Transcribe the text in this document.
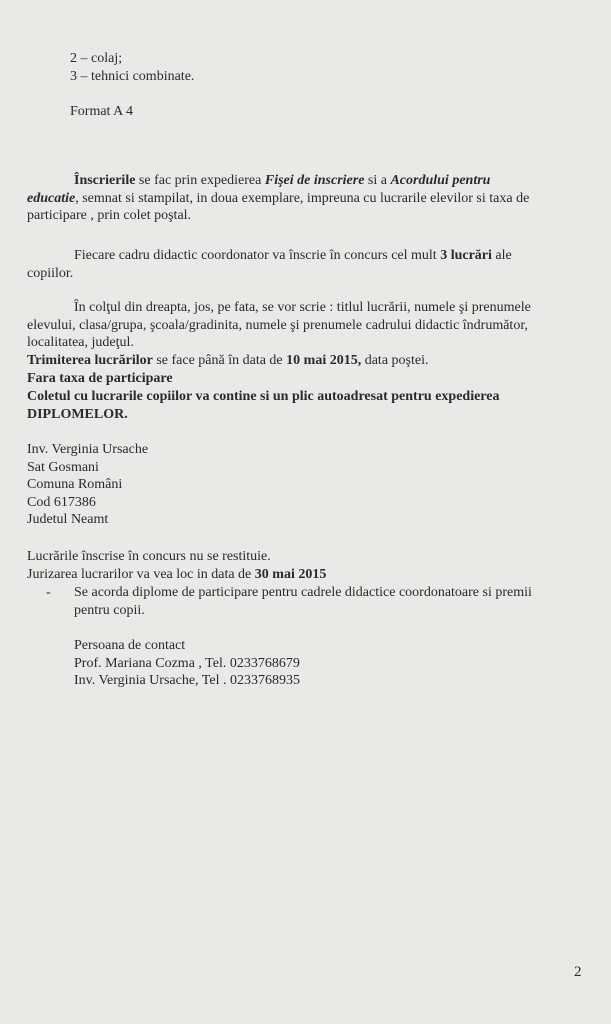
2 – colaj;
3 – tehnici combinate.
Format A 4
Înscrierile se fac prin expedierea Fişei de inscriere si a Acordului pentru
educatie, semnat si stampilat, in doua exemplare, impreuna cu lucrarile elevilor si taxa de
participare , prin colet poştal.
Fiecare cadru didactic coordonator va înscrie în concurs cel mult 3 lucrări ale
copiilor.
În colţul din dreapta, jos, pe fata, se vor scrie : titlul lucrării, numele şi prenumele
elevului, clasa/grupa, şcoala/gradinita, numele şi prenumele cadrului didactic îndrumător,
localitatea, judeţul.
Trimiterea lucrărilor se face până în data de 10 mai 2015, data poştei.
Fara taxa de participare
Coletul cu lucrarile copiilor va contine si un plic autoadresat pentru expedierea
DIPLOMELOR.
Inv. Verginia Ursache
Sat Gosmani
Comuna Români
Cod 617386
Judetul Neamt
Lucrările înscrise în concurs nu se restituie.
Jurizarea lucrarilor va vea loc in data de 30 mai 2015
-	Se acorda diplome de participare pentru cadrele didactice coordonatoare si premii
pentru copii.
Persoana de contact
Prof. Mariana Cozma , Tel. 0233768679
Inv. Verginia Ursache, Tel . 0233768935
2
